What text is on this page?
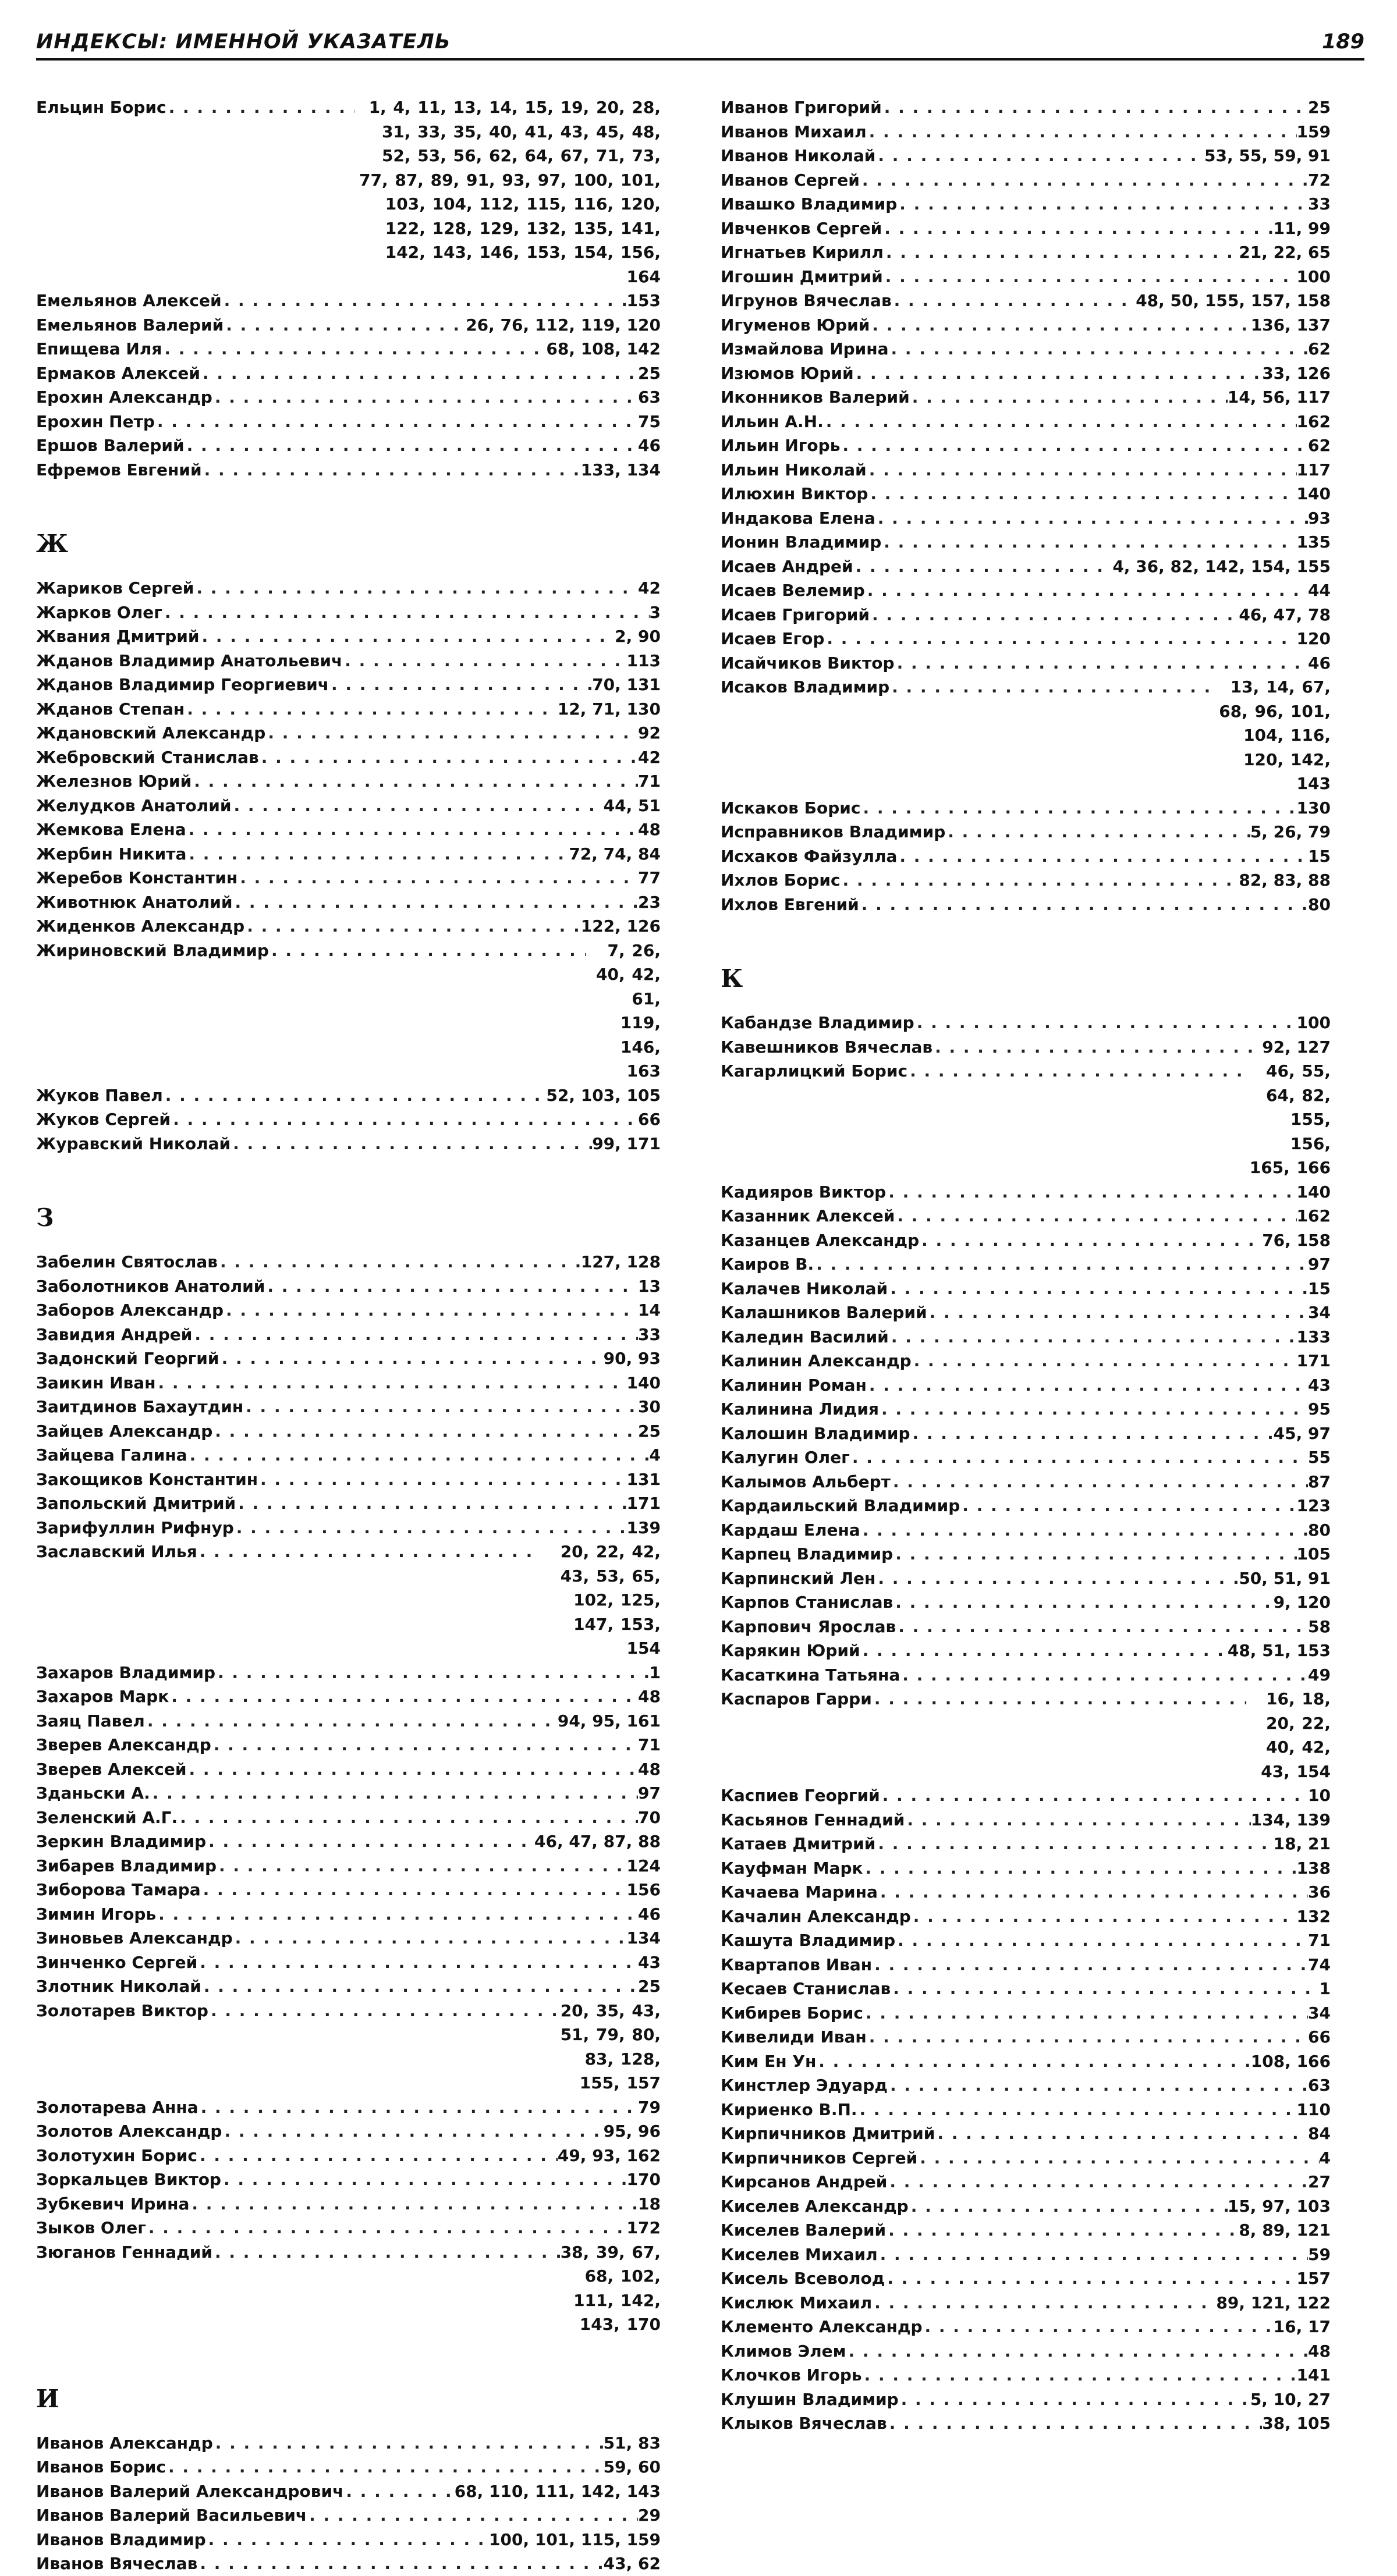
ИНДЕКСЫ: ИМЕННОЙ УКАЗАТЕЛЬ	189
Ельцин Борис . . .	1, 4, 11, 13, 14, 15, 19, 20, 28, 31, 33, 35, 40, 41, 43, 45, 48, 52, 53, 56, 62, 64, 67, 71, 73, 77, 87, 89, 91, 93, 97, 100, 101, 103, 104, 112, 115, 116, 120, 122, 128, 129, 132, 135, 141, 142, 143, 146, 153, 154, 156, 164
Емельянов Алексей . . .	153
Емельянов Валерий . . .	26, 76, 112, 119, 120
Епищева Иля . . .	68, 108, 142
Ермаков Алексей . . .	25
Ерохин Александр . . .	63
Ерохин Петр . . .	75
Ершов Валерий . . .	46
Ефремов Евгений . . .	133, 134
Ж
Жариков Сергей . . .	42
Жарков Олег . . .	3
Жвания Дмитрий . . .	2, 90
Жданов Владимир Анатольевич . . .	113
Жданов Владимир Георгиевич . . .	70, 131
Жданов Степан . . .	12, 71, 130
Ждановский Александр . . .	92
Жебровский Станислав . . .	42
Железнов Юрий . . .	71
Желудков Анатолий . . .	44, 51
Жемкова Елена . . .	48
Жербин Никита . . .	72, 74, 84
Жеребов Константин . . .	77
Животнюк Анатолий . . .	23
Жиденков Александр . . .	122, 126
Жириновский Владимир . . .	7, 26, 40, 42, 61, 119, 146, 163
Жуков Павел . . .	52, 103, 105
Жуков Сергей . . .	66
Журавский Николай . . .	99, 171
З
Забелин Святослав . . .	127, 128
Заболотников Анатолий . . .	13
Заборов Александр . . .	14
Завидия Андрей . . .	33
Задонский Георгий . . .	90, 93
Заикин Иван . . .	140
Заитдинов Бахаутдин . . .	30
Зайцев Александр . . .	25
Зайцева Галина . . .	4
Закощиков Константин . . .	131
Запольский Дмитрий . . .	171
Зарифуллин Рифнур . . .	139
Заславский Илья . . .	20, 22, 42, 43, 53, 65, 102, 125, 147, 153, 154
Захаров Владимир . . .	1
Захаров Марк . . .	48
Заяц Павел . . .	94, 95, 161
Зверев Александр . . .	71
Зверев Алексей . . .	48
Зданьски А. . . .	97
Зеленский А.Г. . . .	70
Зеркин Владимир . . .	46, 47, 87, 88
Зибарев Владимир . . .	124
Зиборова Тамара . . .	156
Зимин Игорь . . .	46
Зиновьев Александр . . .	134
Зинченко Сергей . . .	43
Злотник Николай . . .	25
Золотарев Виктор . . .	20, 35, 43, 51, 79, 80, 83, 128, 155, 157
Золотарева Анна . . .	79
Золотов Александр . . .	95, 96
Золотухин Борис . . .	49, 93, 162
Зоркальцев Виктор . . .	170
Зубкевич Ирина . . .	18
Зыков Олег . . .	172
Зюганов Геннадий . . .	38, 39, 67, 68, 102, 111, 142, 143, 170
И
Иванов Александр . . .	51, 83
Иванов Борис . . .	59, 60
Иванов Валерий Александрович . . .	68, 110, 111, 142, 143
Иванов Валерий Васильевич . . .	29
Иванов Владимир . . .	100, 101, 115, 159
Иванов Вячеслав . . .	43, 62
Иванов Григорий . . .	25
Иванов Михаил . . .	159
Иванов Николай . . .	53, 55, 59, 91
Иванов Сергей . . .	72
Ивашко Владимир . . .	33
Ивченков Сергей . . .	11, 99
Игнатьев Кирилл . . .	21, 22, 65
Игошин Дмитрий . . .	100
Игрунов Вячеслав . . .	48, 50, 155, 157, 158
Игуменов Юрий . . .	136, 137
Измайлова Ирина . . .	62
Изюмов Юрий . . .	33, 126
Иконников Валерий . . .	14, 56, 117
Ильин А.Н. . . .	162
Ильин Игорь . . .	62
Ильин Николай . . .	117
Илюхин Виктор . . .	140
Индакова Елена . . .	93
Ионин Владимир . . .	135
Исаев Андрей . . .	4, 36, 82, 142, 154, 155
Исаев Велемир . . .	44
Исаев Григорий . . .	46, 47, 78
Исаев Егор . . .	120
Исайчиков Виктор . . .	46
Исаков Владимир . . .	13, 14, 67, 68, 96, 101, 104, 116, 120, 142, 143
Искаков Борис . . .	130
Исправников Владимир . . .	5, 26, 79
Исхаков Файзулла . . .	15
Ихлов Борис . . .	82, 83, 88
Ихлов Евгений . . .	80
К
Кабандзе Владимир . . .	100
Кавешников Вячеслав . . .	92, 127
Кагарлицкий Борис . . .	46, 55, 64, 82, 155, 156, 165, 166
Кадияров Виктор . . .	140
Казанник Алексей . . .	162
Казанцев Александр . . .	76, 158
Каиров В. . . .	97
Калачев Николай . . .	15
Калашников Валерий . . .	34
Каледин Василий . . .	133
Калинин Александр . . .	171
Калинин Роман . . .	43
Калинина Лидия . . .	95
Калошин Владимир . . .	45, 97
Калугин Олег . . .	55
Калымов Альберт . . .	87
Кардаильский Владимир . . .	123
Кардаш Елена . . .	80
Карпец Владимир . . .	105
Карпинский Лен . . .	50, 51, 91
Карпов Станислав . . .	9, 120
Карпович Ярослав . . .	58
Карякин Юрий . . .	48, 51, 153
Касаткина Татьяна . . .	49
Каспаров Гарри . . .	16, 18, 20, 22, 40, 42, 43, 154
Каспиев Георгий . . .	10
Касьянов Геннадий . . .	134, 139
Катаев Дмитрий . . .	18, 21
Кауфман Марк . . .	138
Качаева Марина . . .	36
Качалин Александр . . .	132
Кашута Владимир . . .	71
Квартапов Иван . . .	74
Кесаев Станислав . . .	1
Кибирев Борис . . .	34
Кивелиди Иван . . .	66
Ким Ен Ун . . .	108, 166
Кинстлер Эдуард . . .	63
Кириенко В.П. . . .	110
Кирпичников Дмитрий . . .	84
Кирпичников Сергей . . .	4
Кирсанов Андрей . . .	27
Киселев Александр . . .	15, 97, 103
Киселев Валерий . . .	8, 89, 121
Киселев Михаил . . .	59
Кисель Всеволод . . .	157
Кислюк Михаил . . .	89, 121, 122
Клементо Александр . . .	16, 17
Климов Элем . . .	48
Клочков Игорь . . .	141
Клушин Владимир . . .	5, 10, 27
Клыков Вячеслав . . .	38, 105
